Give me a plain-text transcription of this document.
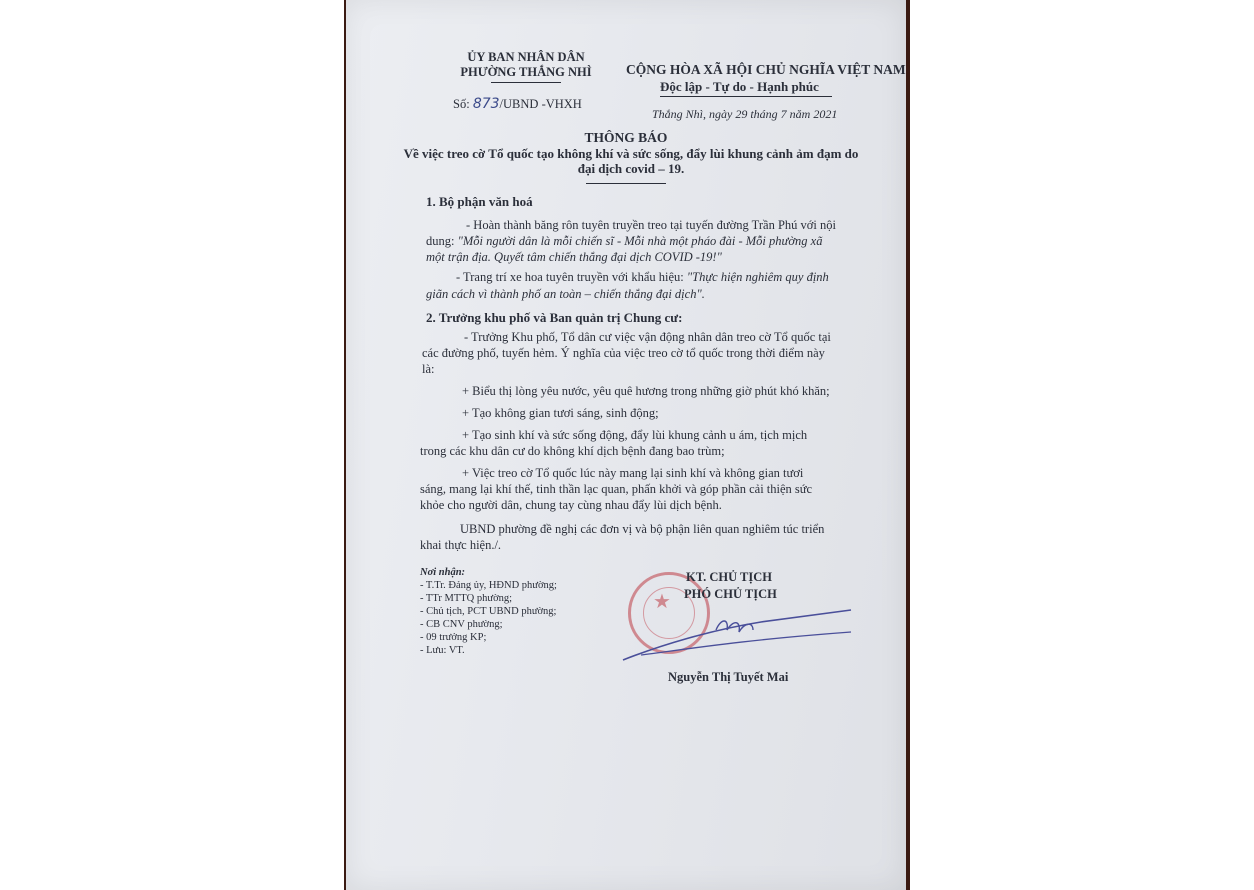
ỦY BAN NHÂN DÂN
PHƯỜNG THẮNG NHÌ
Số: 873/UBND -VHXH
CỘNG HÒA XÃ HỘI CHỦ NGHĨA VIỆT NAM
Độc lập - Tự do - Hạnh phúc
Thắng Nhì, ngày 29 tháng 7 năm 2021
THÔNG BÁO
Về việc treo cờ Tổ quốc tạo không khí và sức sống, đẩy lùi khung cảnh ảm đạm do đại dịch covid – 19.
1. Bộ phận văn hoá
- Hoàn thành băng rôn tuyên truyền treo tại tuyến đường Trần Phú với nội
dung: "Mỗi người dân là mỗi chiến sĩ - Mỗi nhà một pháo đài - Mỗi phường xã
một trận địa. Quyết tâm chiến thắng đại dịch COVID -19!"
- Trang trí xe hoa tuyên truyền với khẩu hiệu: "Thực hiện nghiêm quy định
giãn cách vì thành phố an toàn – chiến thắng đại dịch".
2. Trưởng khu phố và Ban quản trị Chung cư:
- Trưởng Khu phố, Tổ dân cư việc vận động nhân dân treo cờ Tổ quốc tại
các đường phố, tuyến hẻm. Ý nghĩa của việc treo cờ tổ quốc trong thời điểm này
là:
+ Biểu thị lòng yêu nước, yêu quê hương trong những giờ phút khó khăn;
+ Tạo không gian tươi sáng, sinh động;
+ Tạo sinh khí và sức sống động, đẩy lùi khung cảnh u ám, tịch mịch
trong các khu dân cư do không khí dịch bệnh đang bao trùm;
+ Việc treo cờ Tổ quốc lúc này mang lại sinh khí và không gian tươi
sáng, mang lại khí thế, tinh thần lạc quan, phấn khởi và góp phần cải thiện sức
khỏe cho người dân, chung tay cùng nhau đẩy lùi dịch bệnh.
UBND phường đề nghị các đơn vị và bộ phận liên quan nghiêm túc triển
khai thực hiện./.
Nơi nhận:
- T.Tr. Đảng ủy, HĐND phường;
- TTr MTTQ phường;
- Chủ tịch, PCT UBND phường;
- CB CNV phường;
- 09 trưởng KP;
- Lưu: VT.
★
KT. CHỦ TỊCH
PHÓ CHỦ TỊCH
Nguyễn Thị Tuyết Mai
